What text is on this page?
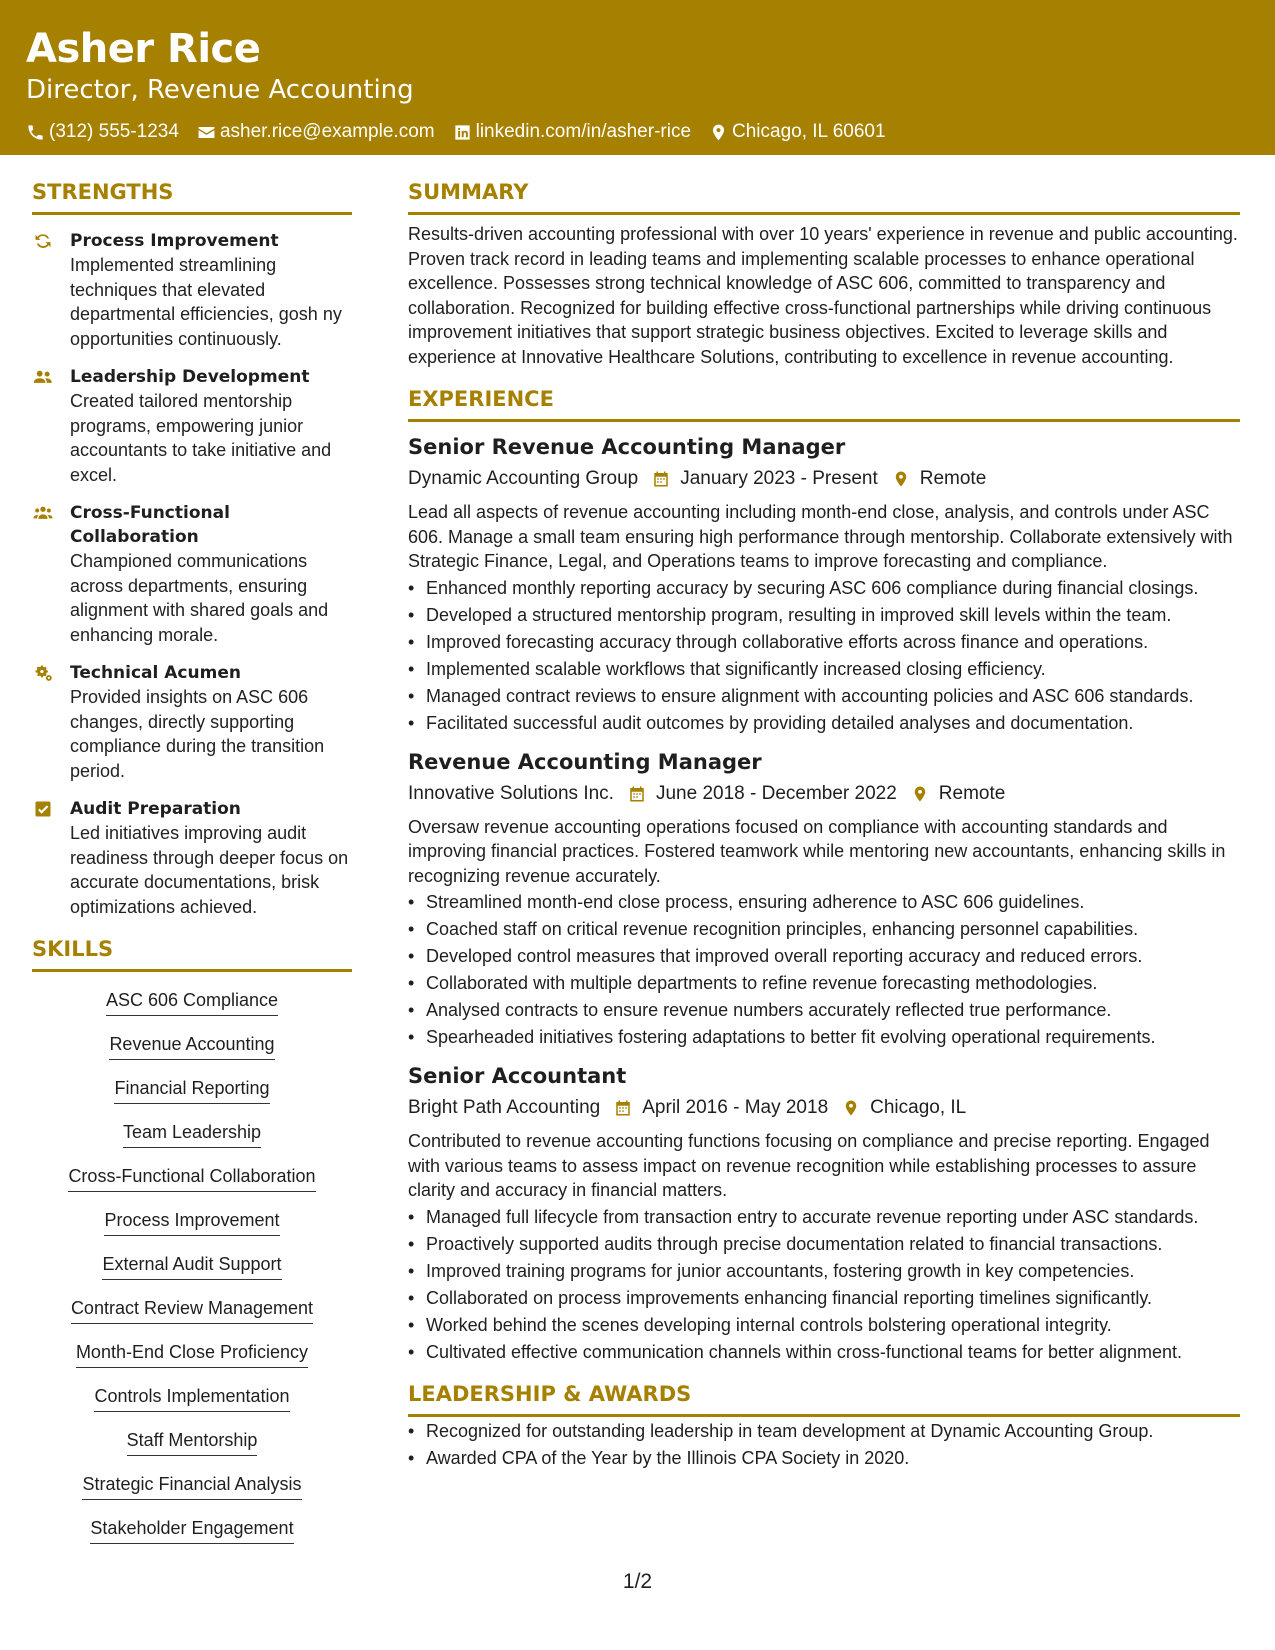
Asher Rice
Director, Revenue Accounting
(312) 555-1234 asher.rice@example.com linkedin.com/in/asher-rice Chicago, IL 60601
STRENGTHS
Process Improvement
Implemented streamlining techniques that elevated departmental efficiencies, gosh ny opportunities continuously.
Leadership Development
Created tailored mentorship programs, empowering junior accountants to take initiative and excel.
Cross-Functional Collaboration
Championed communications across departments, ensuring alignment with shared goals and enhancing morale.
Technical Acumen
Provided insights on ASC 606 changes, directly supporting compliance during the transition period.
Audit Preparation
Led initiatives improving audit readiness through deeper focus on accurate documentations, brisk optimizations achieved.
SKILLS
ASC 606 Compliance
Revenue Accounting
Financial Reporting
Team Leadership
Cross-Functional Collaboration
Process Improvement
External Audit Support
Contract Review Management
Month-End Close Proficiency
Controls Implementation
Staff Mentorship
Strategic Financial Analysis
Stakeholder Engagement
SUMMARY
Results-driven accounting professional with over 10 years' experience in revenue and public accounting. Proven track record in leading teams and implementing scalable processes to enhance operational excellence. Possesses strong technical knowledge of ASC 606, committed to transparency and collaboration. Recognized for building effective cross-functional partnerships while driving continuous improvement initiatives that support strategic business objectives. Excited to leverage skills and experience at Innovative Healthcare Solutions, contributing to excellence in revenue accounting.
EXPERIENCE
Senior Revenue Accounting Manager
Dynamic Accounting Group January 2023 - Present Remote
Lead all aspects of revenue accounting including month-end close, analysis, and controls under ASC 606. Manage a small team ensuring high performance through mentorship. Collaborate extensively with Strategic Finance, Legal, and Operations teams to improve forecasting and compliance.
• Enhanced monthly reporting accuracy by securing ASC 606 compliance during financial closings.
• Developed a structured mentorship program, resulting in improved skill levels within the team.
• Improved forecasting accuracy through collaborative efforts across finance and operations.
• Implemented scalable workflows that significantly increased closing efficiency.
• Managed contract reviews to ensure alignment with accounting policies and ASC 606 standards.
• Facilitated successful audit outcomes by providing detailed analyses and documentation.
Revenue Accounting Manager
Innovative Solutions Inc. June 2018 - December 2022 Remote
Oversaw revenue accounting operations focused on compliance with accounting standards and improving financial practices. Fostered teamwork while mentoring new accountants, enhancing skills in recognizing revenue accurately.
• Streamlined month-end close process, ensuring adherence to ASC 606 guidelines.
• Coached staff on critical revenue recognition principles, enhancing personnel capabilities.
• Developed control measures that improved overall reporting accuracy and reduced errors.
• Collaborated with multiple departments to refine revenue forecasting methodologies.
• Analysed contracts to ensure revenue numbers accurately reflected true performance.
• Spearheaded initiatives fostering adaptations to better fit evolving operational requirements.
Senior Accountant
Bright Path Accounting April 2016 - May 2018 Chicago, IL
Contributed to revenue accounting functions focusing on compliance and precise reporting. Engaged with various teams to assess impact on revenue recognition while establishing processes to assure clarity and accuracy in financial matters.
• Managed full lifecycle from transaction entry to accurate revenue reporting under ASC standards.
• Proactively supported audits through precise documentation related to financial transactions.
• Improved training programs for junior accountants, fostering growth in key competencies.
• Collaborated on process improvements enhancing financial reporting timelines significantly.
• Worked behind the scenes developing internal controls bolstering operational integrity.
• Cultivated effective communication channels within cross-functional teams for better alignment.
LEADERSHIP & AWARDS
• Recognized for outstanding leadership in team development at Dynamic Accounting Group.
• Awarded CPA of the Year by the Illinois CPA Society in 2020.
1/2
